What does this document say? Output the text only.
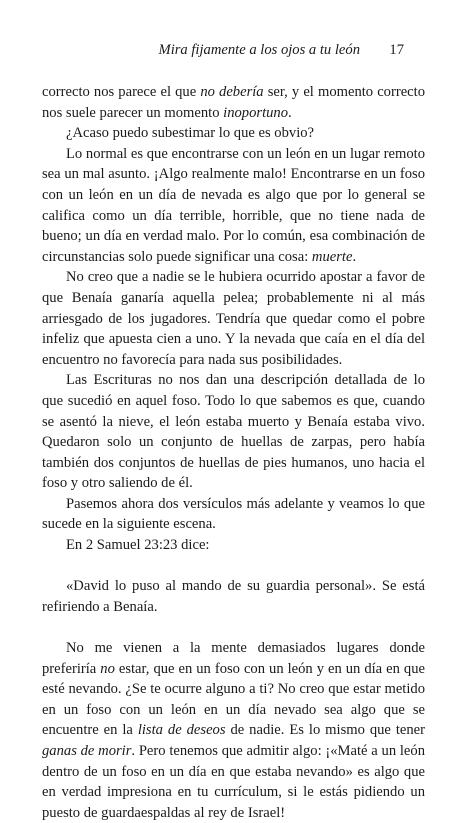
Mira fijamente a los ojos a tu león 17

correcto nos parece el que no debería ser, y el momento correcto nos suele parecer un momento inoportuno.

¿Acaso puedo subestimar lo que es obvio?

Lo normal es que encontrarse con un león en un lugar remoto sea un mal asunto. ¡Algo realmente malo! Encontrarse en un foso con un león en un día de nevada es algo que por lo general se califica como un día terrible, horrible, que no tiene nada de bueno; un día en verdad malo. Por lo común, esa combinación de circunstancias solo puede significar una cosa: muerte.

No creo que a nadie se le hubiera ocurrido apostar a favor de que Benaía ganaría aquella pelea; probablemente ni al más arriesgado de los jugadores. Tendría que quedar como el pobre infeliz que apuesta cien a uno. Y la nevada que caía en el día del encuentro no favorecía para nada sus posibilidades.

Las Escrituras no nos dan una descripción detallada de lo que sucedió en aquel foso. Todo lo que sabemos es que, cuando se asentó la nieve, el león estaba muerto y Benaía estaba vivo. Quedaron solo un conjunto de huellas de zarpas, pero había también dos conjuntos de huellas de pies humanos, uno hacia el foso y otro saliendo de él.

Pasemos ahora dos versículos más adelante y veamos lo que sucede en la siguiente escena.

En 2 Samuel 23:23 dice:

«David lo puso al mando de su guardia personal». Se está refiriendo a Benaía.

No me vienen a la mente demasiados lugares donde preferiría no estar, que en un foso con un león y en un día en que esté nevando. ¿Se te ocurre alguno a ti? No creo que estar metido en un foso con un león en un día nevado sea algo que se encuentre en la lista de deseos de nadie. Es lo mismo que tener ganas de morir. Pero tenemos que admitir algo: ¡«Maté a un león dentro de un foso en un día en que estaba nevando» es algo que en verdad impresiona en tu currículum, si le estás pidiendo un puesto de guardaespaldas al rey de Israel!
